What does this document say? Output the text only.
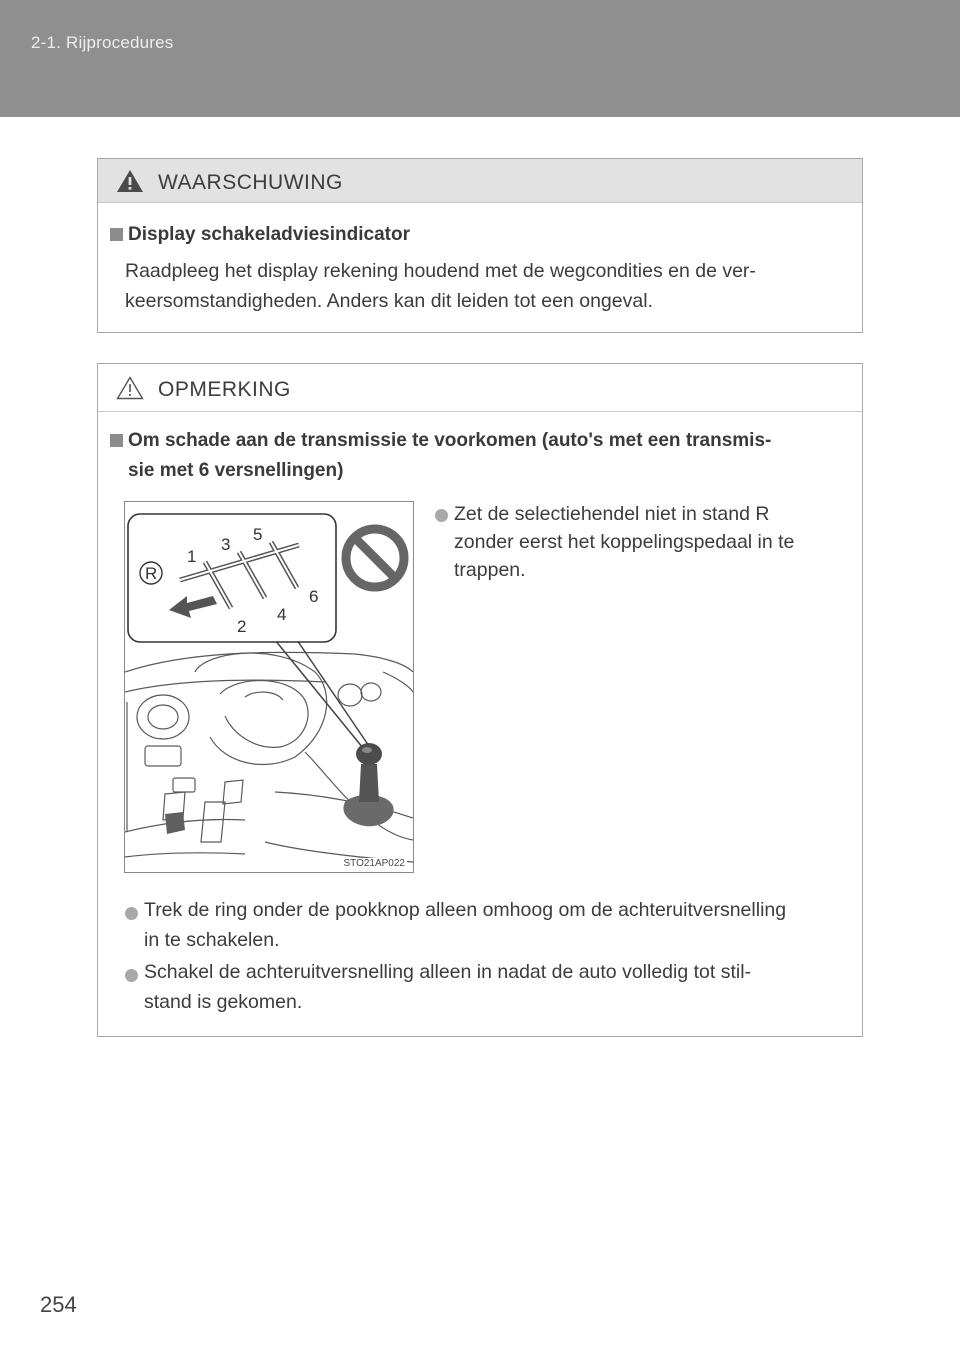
2-1. Rijprocedures
WAARSCHUWING
Display schakeladviesindicator
Raadpleeg het display rekening houdend met de wegcondities en de ver-
keersomstandigheden. Anders kan dit leiden tot een ongeval.
OPMERKING
Om schade aan de transmissie te voorkomen (auto's met een transmis-
sie met 6 versnellingen)
Zet de selectiehendel niet in stand R
zonder eerst het koppelingspedaal in te
trappen.
Trek de ring onder de pookknop alleen omhoog om de achteruitversnelling
in te schakelen.
Schakel de achteruitversnelling alleen in nadat de auto volledig tot stil-
stand is gekomen.
R
1
2
3
4
5
6
STO21AP022
254
